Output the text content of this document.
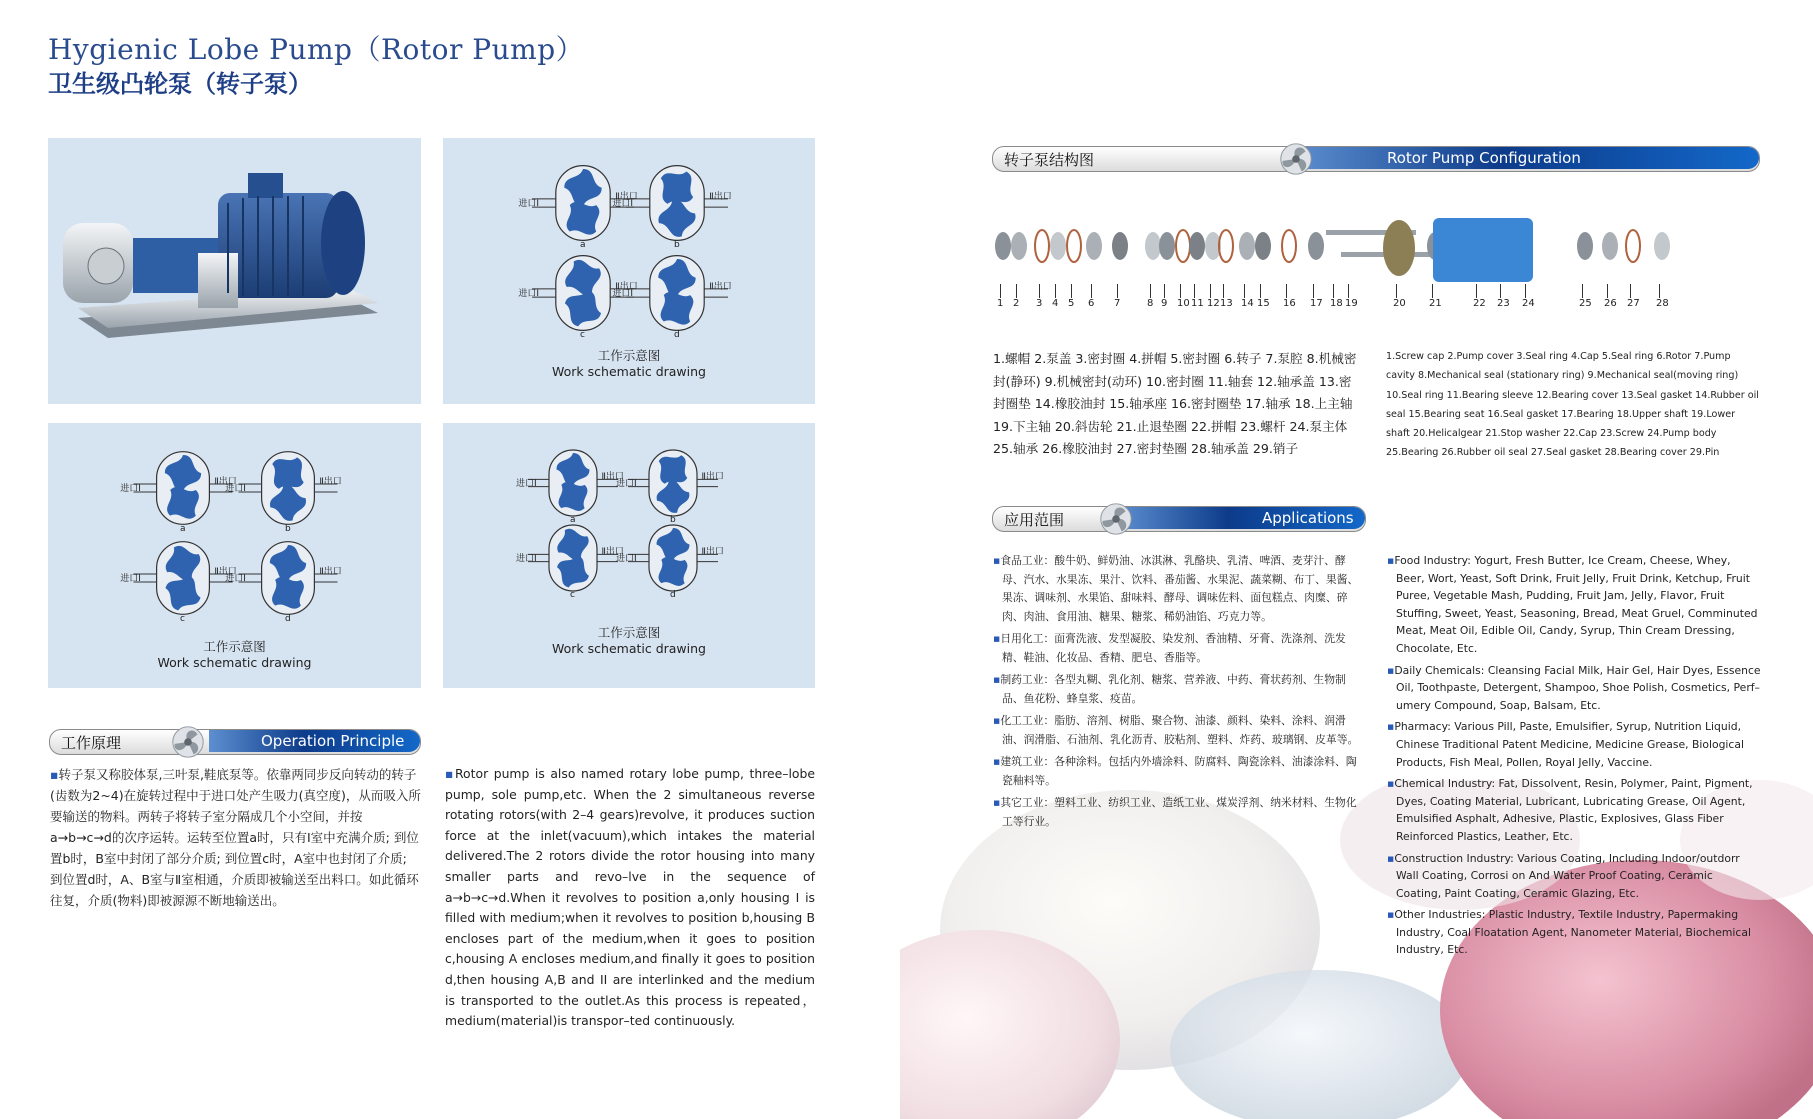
Hygienic Lobe Pump（Rotor Pump）
卫生级凸轮泵（转子泵）
进口Ⅰ
Ⅱ出口
a
进口Ⅰ
Ⅱ出口
b
进口Ⅰ
Ⅱ出口
c
进口Ⅰ
Ⅱ出口
d
工作示意图
Work schematic drawing
进口Ⅰ
Ⅱ出口
a
进口Ⅰ
Ⅱ出口
b
进口Ⅰ
Ⅱ出口
c
进口Ⅰ
Ⅱ出口
d
工作示意图
Work schematic drawing
进口Ⅰ
Ⅱ出口
a
进口Ⅰ
Ⅱ出口
b
进口Ⅰ
Ⅱ出口
c
进口Ⅰ
Ⅱ出口
d
工作示意图
Work schematic drawing
工作原理	Operation Principle
▪转子泵又称胶体泵,三叶泵,鞋底泵等。依靠两同步反向转动的转子(齿数为2~4)在旋转过程中于进口处产生吸力(真空度)，从而吸入所要输送的物料。两转子将转子室分隔成几个小空间，并按a→b→c→d的次序运转。运转至位置a时，只有Ⅰ室中充满介质; 到位置b时，B室中封闭了部分介质; 到位置c时，A室中也封闭了介质; 到位置d时，A、B室与Ⅱ室相通，介质即被输送至出料口。如此循环往复，介质(物料)即被源源不断地输送出。
▪Rotor pump is also named rotary lobe pump, three–lobe pump, sole pump,etc. When the 2 simultaneous reverse rotating rotors(with 2–4 gears)revolve, it produces suction force at the inlet(vacuum),which intakes the material delivered.The 2 rotors divide the rotor housing into many smaller parts and revo–lve in the sequence of a→b→c→d.When it revolves to position a,only housing I is filled with medium;when it revolves to position b,housing B encloses part of the medium,when it goes to position c,housing A encloses medium,and finally it goes to position d,then housing A,B and II are interlinked and the medium is transported to the outlet.As this process is repeated，medium(material)is transpor–ted continuously.
转子泵结构图	Rotor Pump Configuration
1 2 3 4 5 6 7	8 9 10 11 12 13 14 15 16 17 18 19	20 21	22 23 24	25 26 27 28
1.螺帽 2.泵盖 3.密封圈 4.拼帽 5.密封圈 6.转子 7.泵腔 8.机械密封(静环) 9.机械密封(动环) 10.密封圈 11.轴套 12.轴承盖 13.密封圈垫 14.橡胶油封 15.轴承座 16.密封圈垫 17.轴承 18.上主轴 19.下主轴 20.斜齿轮 21.止退垫圈 22.拼帽 23.螺杆 24.泵主体 25.轴承 26.橡胶油封 27.密封垫圈 28.轴承盖 29.销子
1.Screw cap 2.Pump cover 3.Seal ring 4.Cap 5.Seal ring 6.Rotor 7.Pump cavity 8.Mechanical seal (stationary ring) 9.Mechanical seal(moving ring) 10.Seal ring 11.Bearing sleeve 12.Bearing cover 13.Seal gasket 14.Rubber oil seal 15.Bearing seat 16.Seal gasket 17.Bearing 18.Upper shaft 19.Lower shaft 20.Helicalgear 21.Stop washer 22.Cap 23.Screw 24.Pump body 25.Bearing 26.Rubber oil seal 27.Seal gasket 28.Bearing cover 29.Pin
应用范围	Applications

▪食品工业：酸牛奶、鲜奶油、冰淇淋、乳酪块、乳清、啤酒、麦芽汁、酵母、汽水、水果冻、果汁、饮料、番茄酱、水果泥、蔬菜糊、布丁、果酱、果冻、调味剂、水果馅、甜味料、酵母、调味佐料、面包糕点、肉糜、碎肉、肉油、食用油、糖果、糖浆、稀奶油馅、巧克力等。

▪日用化工：面膏洗液、发型凝胶、染发剂、香油精、牙膏、洗涤剂、洗发精、鞋油、化妆品、香精、肥皂、香脂等。

▪制药工业：各型丸糊、乳化剂、糖浆、营养液、中药、膏状药剂、生物制品、鱼花粉、蜂皇浆、疫苗。

▪化工工业：脂肪、溶剂、树脂、聚合物、油漆、颜料、染料、涂料、润滑油、润滑脂、石油剂、乳化沥青、胶粘剂、塑料、炸药、玻璃钢、皮革等。

▪建筑工业：各种涂料。包括内外墙涂料、防腐料、陶瓷涂料、油漆涂料、陶瓷釉料等。

▪其它工业：塑料工业、纺织工业、造纸工业、煤炭浮剂、纳米材料、生物化工等行业。

▪Food Industry: Yogurt, Fresh Butter, Ice Cream, Cheese, Whey, Beer, Wort, Yeast, Soft Drink, Fruit Jelly, Fruit Drink, Ketchup, Fruit Puree, Vegetable Mash, Pudding, Fruit Jam, Jelly, Flavor, Fruit Stuffing, Sweet, Yeast, Seasoning, Bread, Meat Gruel, Comminuted Meat, Meat Oil, Edible Oil, Candy, Syrup, Thin Cream Dressing, Chocolate, Etc.

▪Daily Chemicals: Cleansing Facial Milk, Hair Gel, Hair Dyes, Essence Oil, Toothpaste, Detergent, Shampoo, Shoe Polish, Cosmetics, Perf–umery Compound, Soap, Balsam, Etc.

▪Pharmacy: Various Pill, Paste, Emulsifier, Syrup, Nutrition Liquid, Chinese Traditional Patent Medicine, Medicine Grease, Biological Products, Fish Meal, Pollen, Royal Jelly, Vaccine.

▪Chemical Industry: Fat, Dissolvent, Resin, Polymer, Paint, Pigment, Dyes, Coating Material, Lubricant, Lubricating Grease, Oil Agent, Emulsified Asphalt, Adhesive, Plastic, Explosives, Glass Fiber Reinforced Plastics, Leather, Etc.

▪Construction Industry: Various Coating, Including Indoor/outdorr Wall Coating, Corrosi on And Water Proof Coating, Ceramic Coating, Paint Coating, Ceramic Glazing, Etc.

▪Other Industries: Plastic Industry, Textile Industry, Papermaking Industry, Coal Floatation Agent, Nanometer Material, Biochemical Industry, Etc.
